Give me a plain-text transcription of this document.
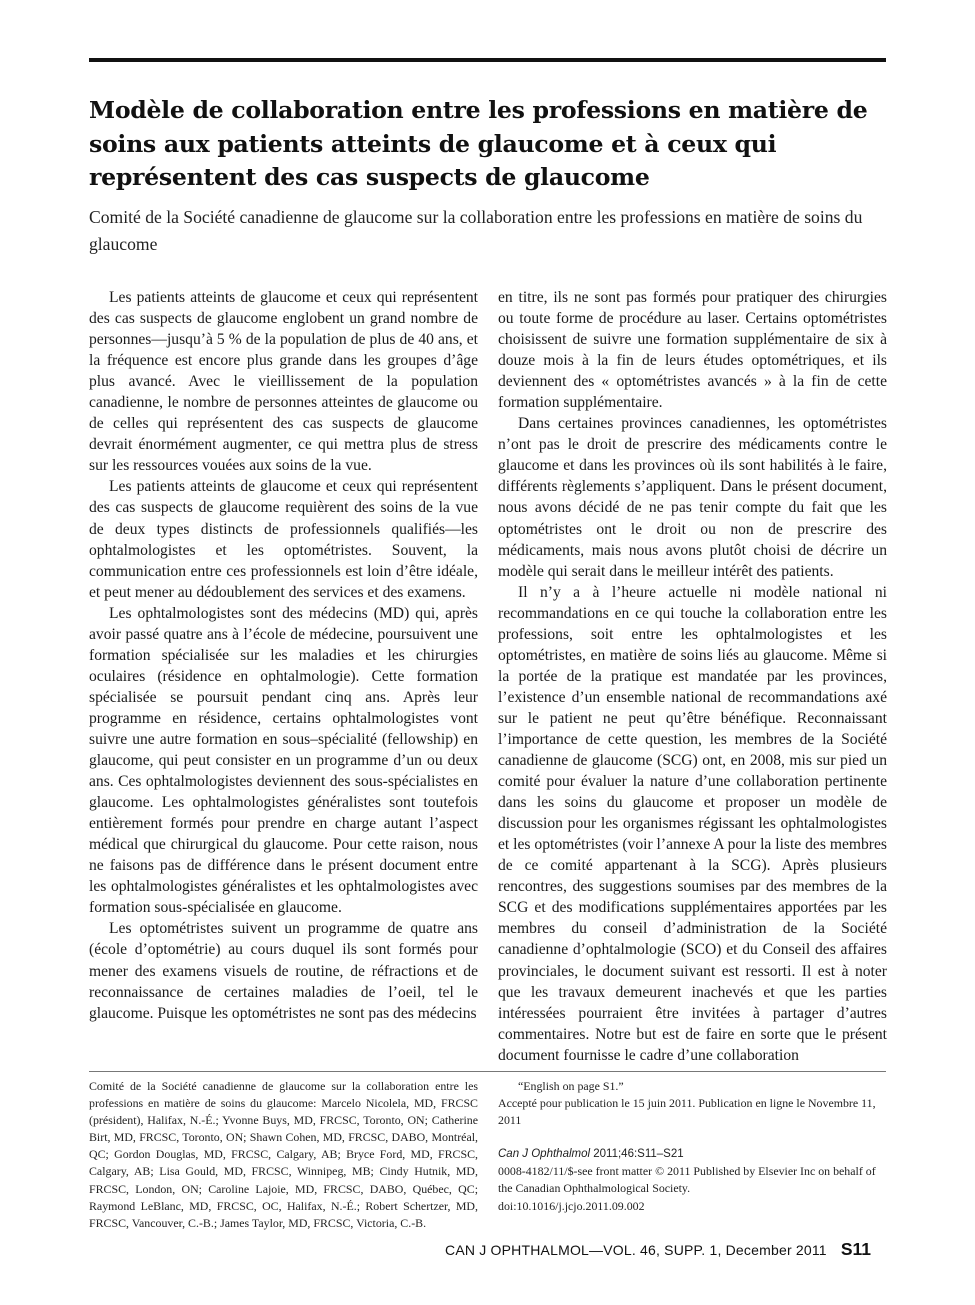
Modèle de collaboration entre les professions en matière de soins aux patients atteints de glaucome et à ceux qui représentent des cas suspects de glaucome

Comité de la Société canadienne de glaucome sur la collaboration entre les professions en matière de soins du glaucome

Les patients atteints de glaucome et ceux qui représentent des cas suspects de glaucome englobent un grand nombre de personnes—jusqu’à 5 % de la population de plus de 40 ans, et la fréquence est encore plus grande dans les groupes d’âge plus avancé. Avec le vieillissement de la population canadienne, le nombre de personnes atteintes de glaucome ou de celles qui représentent des cas suspects de glaucome devrait énormément augmenter, ce qui mettra plus de stress sur les ressources vouées aux soins de la vue.

Les patients atteints de glaucome et ceux qui représentent des cas suspects de glaucome requièrent des soins de la vue de deux types distincts de professionnels qualifiés—les ophtalmologistes et les optométristes. Souvent, la communication entre ces professionnels est loin d’être idéale, et peut mener au dédoublement des services et des examens.

Les ophtalmologistes sont des médecins (MD) qui, après avoir passé quatre ans à l’école de médecine, poursuivent une formation spécialisée sur les maladies et les chirurgies oculaires (résidence en ophtalmologie). Cette formation spécialisée se poursuit pendant cinq ans. Après leur programme en résidence, certains ophtalmologistes vont suivre une autre formation en sous–spécialité (fellowship) en glaucome, qui peut consister en un programme d’un ou deux ans. Ces ophtalmologistes deviennent des sous-spécialistes en glaucome. Les ophtalmologistes généralistes sont toutefois entièrement formés pour prendre en charge autant l’aspect médical que chirurgical du glaucome. Pour cette raison, nous ne faisons pas de différence dans le présent document entre les ophtalmologistes généralistes et les ophtalmologistes avec formation sous-spécialisée en glaucome.

Les optométristes suivent un programme de quatre ans (école d’optométrie) au cours duquel ils sont formés pour mener des examens visuels de routine, de réfractions et de reconnaissance de certaines maladies de l’oeil, tel le glaucome. Puisque les optométristes ne sont pas des médecins

en titre, ils ne sont pas formés pour pratiquer des chirurgies ou toute forme de procédure au laser. Certains optométristes choisissent de suivre une formation supplémentaire de six à douze mois à la fin de leurs études optométriques, et ils deviennent des « optométristes avancés » à la fin de cette formation supplémentaire.

Dans certaines provinces canadiennes, les optométristes n’ont pas le droit de prescrire des médicaments contre le glaucome et dans les provinces où ils sont habilités à le faire, différents règlements s’appliquent. Dans le présent document, nous avons décidé de ne pas tenir compte du fait que les optométristes ont le droit ou non de prescrire des médicaments, mais nous avons plutôt choisi de décrire un modèle qui serait dans le meilleur intérêt des patients.

Il n’y a à l’heure actuelle ni modèle national ni recommandations en ce qui touche la collaboration entre les professions, soit entre les ophtalmologistes et les optométristes, en matière de soins liés au glaucome. Même si la portée de la pratique est mandatée par les provinces, l’existence d’un ensemble national de recommandations axé sur le patient ne peut qu’être bénéfique. Reconnaissant l’importance de cette question, les membres de la Société canadienne de glaucome (SCG) ont, en 2008, mis sur pied un comité pour évaluer la nature d’une collaboration pertinente dans les soins du glaucome et proposer un modèle de discussion pour les organismes régissant les ophtalmologistes et les optométristes (voir l’annexe A pour la liste des membres de ce comité appartenant à la SCG). Après plusieurs rencontres, des suggestions soumises par des membres de la SCG et des modifications supplémentaires apportées par les membres du conseil d’administration de la Société canadienne d’ophtalmologie (SCO) et du Conseil des affaires provinciales, le document suivant est ressorti. Il est à noter que les travaux demeurent inachevés et que les parties intéressées pourraient être invitées à partager d’autres commentaires. Notre but est de faire en sorte que le présent document fournisse le cadre d’une collaboration

Comité de la Société canadienne de glaucome sur la collaboration entre les professions en matière de soins du glaucome: Marcelo Nicolela, MD, FRCSC (président), Halifax, N.-É.; Yvonne Buys, MD, FRCSC, Toronto, ON; Catherine Birt, MD, FRCSC, Toronto, ON; Shawn Cohen, MD, FRCSC, DABO, Montréal, QC; Gordon Douglas, MD, FRCSC, Calgary, AB; Bryce Ford, MD, FRCSC, Calgary, AB; Lisa Gould, MD, FRCSC, Winnipeg, MB; Cindy Hutnik, MD, FRCSC, London, ON; Caroline Lajoie, MD, FRCSC, DABO, Québec, QC; Raymond LeBlanc, MD, FRCSC, OC, Halifax, N.-É.; Robert Schertzer, MD, FRCSC, Vancouver, C.-B.; James Taylor, MD, FRCSC, Victoria, C.-B.

“English on page S1.”

Accepté pour publication le 15 juin 2011. Publication en ligne le Novembre 11, 2011

Can J Ophthalmol 2011;46:S11–S21

0008-4182/11/$-see front matter © 2011 Published by Elsevier Inc on behalf of the Canadian Ophthalmological Society.

doi:10.1016/j.jcjo.2011.09.002

CAN J OPHTHALMOL—VOL. 46, SUPP. 1, December 2011 S11
